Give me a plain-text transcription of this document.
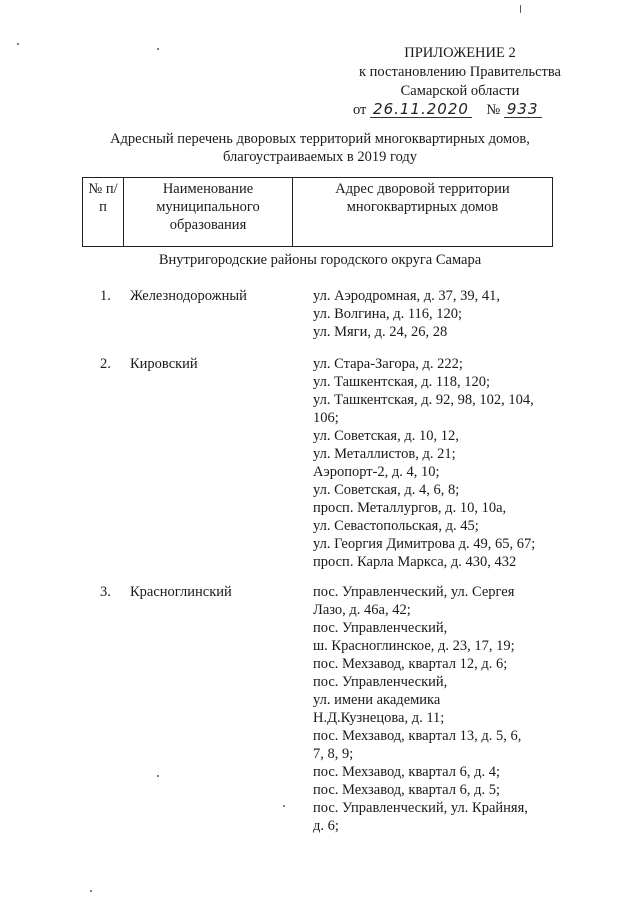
ПРИЛОЖЕНИЕ 2
к постановлению Правительства
Самарской области
от 26.11.2020 № 933
Адресный перечень дворовых территорий многоквартирных домов,
благоустраиваемых в 2019 году
№ п/п	Наименование муниципального образования	Адрес дворовой территории многоквартирных домов
Внутригородские районы городского округа Самара
1.	Железнодорожный	ул. Аэродромная, д. 37, 39, 41,
ул. Волгина, д. 116, 120;
ул. Мяги, д. 24, 26, 28
2.	Кировский	ул. Стара-Загора, д. 222;
ул. Ташкентская, д. 118, 120;
ул. Ташкентская, д. 92, 98, 102, 104,
106;
ул. Советская, д. 10, 12,
ул. Металлистов, д. 21;
Аэропорт-2, д. 4, 10;
ул. Советская, д. 4, 6, 8;
просп. Металлургов, д. 10, 10а,
ул. Севастопольская, д. 45;
ул. Георгия Димитрова д. 49, 65, 67;
просп. Карла Маркса, д. 430, 432
3.	Красноглинский	пос. Управленческий, ул. Сергея
Лазо, д. 46а, 42;
пос. Управленческий,
ш. Красноглинское, д. 23, 17, 19;
пос. Мехзавод, квартал 12, д. 6;
пос. Управленческий,
ул. имени академика
Н.Д.Кузнецова, д. 11;
пос. Мехзавод, квартал 13, д. 5, 6,
7, 8, 9;
пос. Мехзавод, квартал 6, д. 4;
пос. Мехзавод, квартал 6, д. 5;
пос. Управленческий, ул. Крайняя,
д. 6;
